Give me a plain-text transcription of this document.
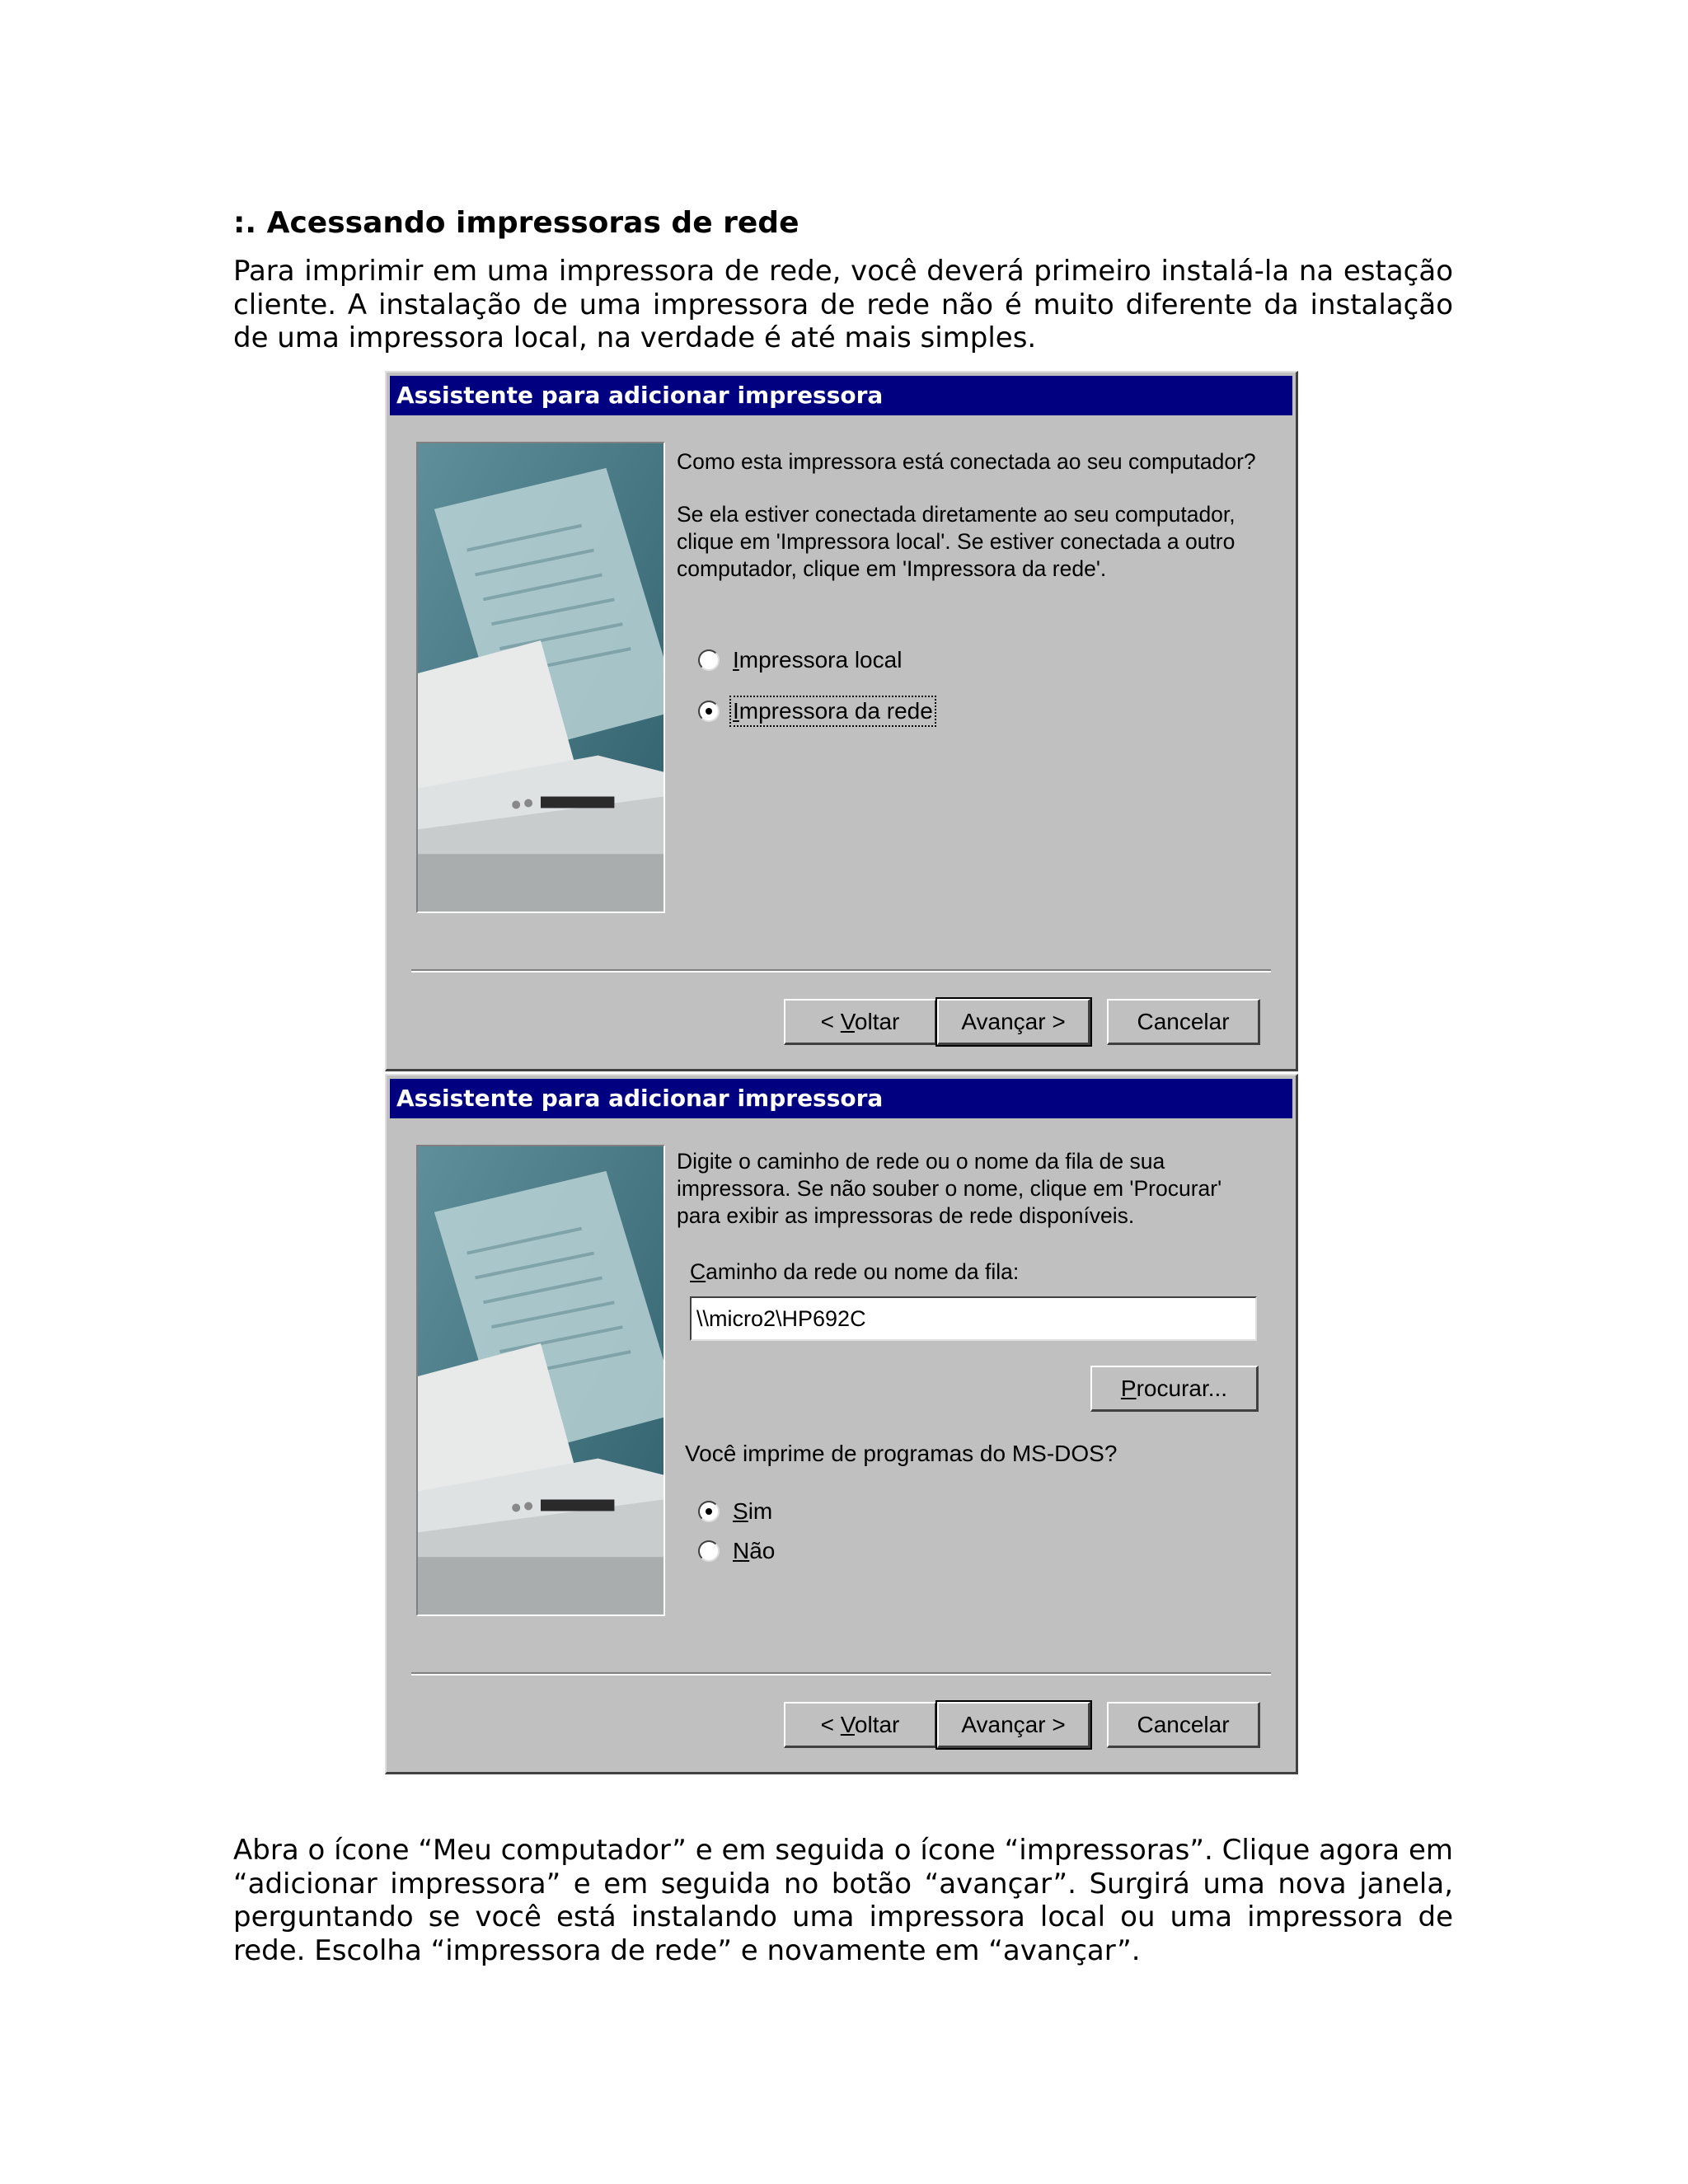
:. Acessando impressoras de rede

Para imprimir em uma impressora de rede, você deverá primeiro instalá-la na estação cliente. A instalação de uma impressora de rede não é muito diferente da instalação de uma impressora local, na verdade é até mais simples.

Assistente para adicionar impressora

Como esta impressora está conectada ao seu computador?

Se ela estiver conectada diretamente ao seu computador,

clique em 'Impressora local'. Se estiver conectada a outro

computador, clique em 'Impressora da rede'.

Impressora local
Impressora da rede
< Voltar	Avançar >	Cancelar
Assistente para adicionar impressora

Digite o caminho de rede ou o nome da fila de sua

impressora. Se não souber o nome, clique em 'Procurar'

para exibir as impressoras de rede disponíveis.

Caminho da rede ou nome da fila:

\\micro2\HP692C
Procurar...

Você imprime de programas do MS-DOS?

Sim
Não
< Voltar	Avançar >	Cancelar

Abra o ícone “Meu computador” e em seguida o ícone “impressoras”. Clique agora em “adicionar impressora” e em seguida no botão “avançar”. Surgirá uma nova janela, perguntando se você está instalando uma impressora local ou uma impressora de rede. Escolha “impressora de rede” e novamente em “avançar”.
